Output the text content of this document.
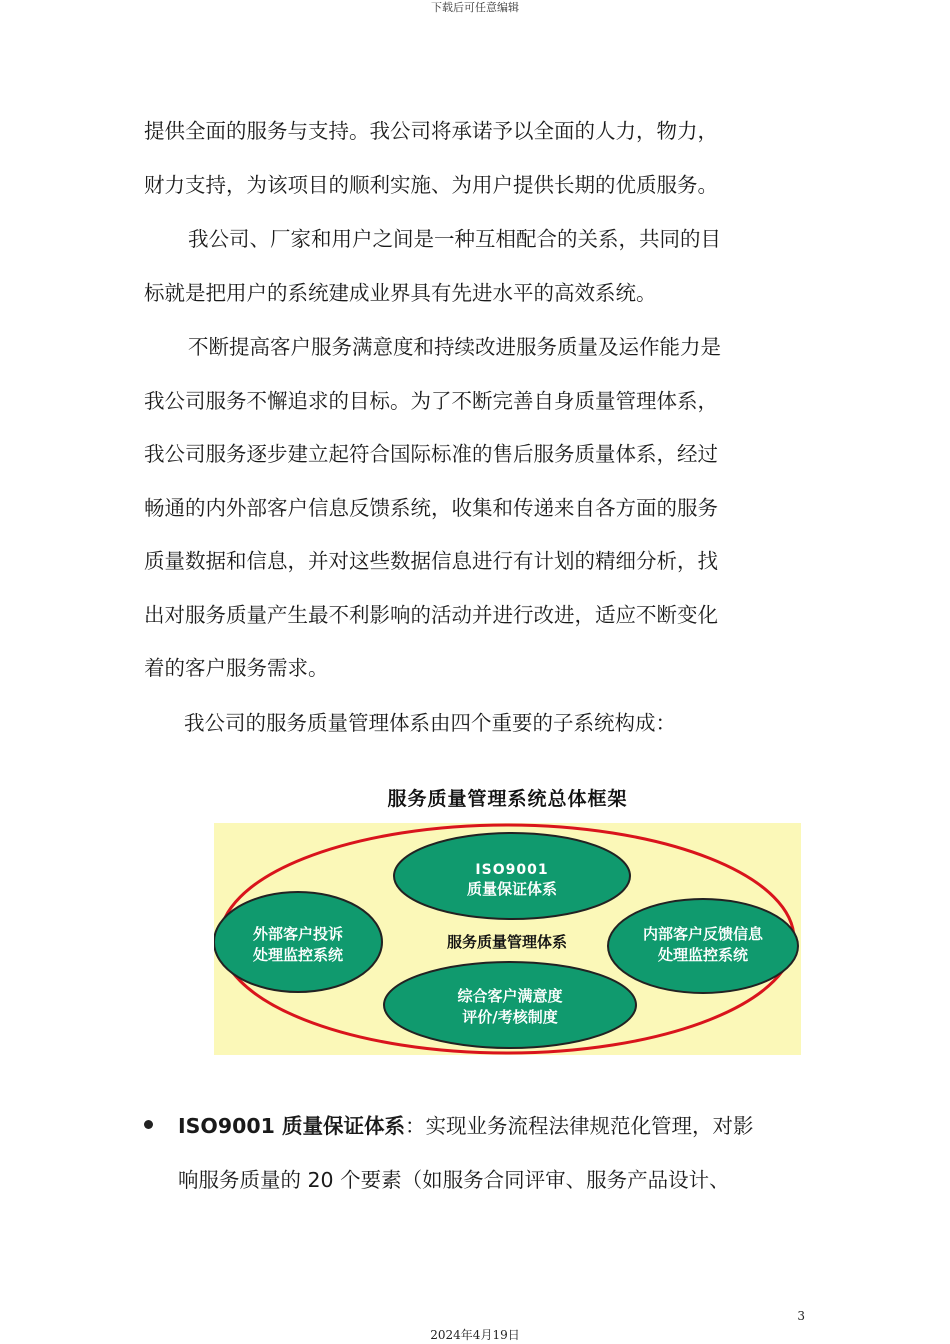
下载后可任意编辑

提供全面的服务与支持。我公司将承诺予以全面的人力，物力，

财力支持，为该项目的顺利实施、为用户提供长期的优质服务。

我公司、厂家和用户之间是一种互相配合的关系，共同的目

标就是把用户的系统建成业界具有先进水平的高效系统。

不断提高客户服务满意度和持续改进服务质量及运作能力是

我公司服务不懈追求的目标。为了不断完善自身质量管理体系，

我公司服务逐步建立起符合国际标准的售后服务质量体系，经过

畅通的内外部客户信息反馈系统，收集和传递来自各方面的服务

质量数据和信息，并对这些数据信息进行有计划的精细分析，找

出对服务质量产生最不利影响的活动并进行改进，适应不断变化

着的客户服务需求。

我公司的服务质量管理体系由四个重要的子系统构成：

服务质量管理系统总体框架
ISO9001
质量保证体系
外部客户投诉
处理监控系统
内部客户反馈信息
处理监控系统
综合客户满意度
评价/考核制度
服务质量管理体系

ISO9001 质量保证体系：实现业务流程法律规范化管理，对影

响服务质量的 20 个要素（如服务合同评审、服务产品设计、

3
2024年4月19日
